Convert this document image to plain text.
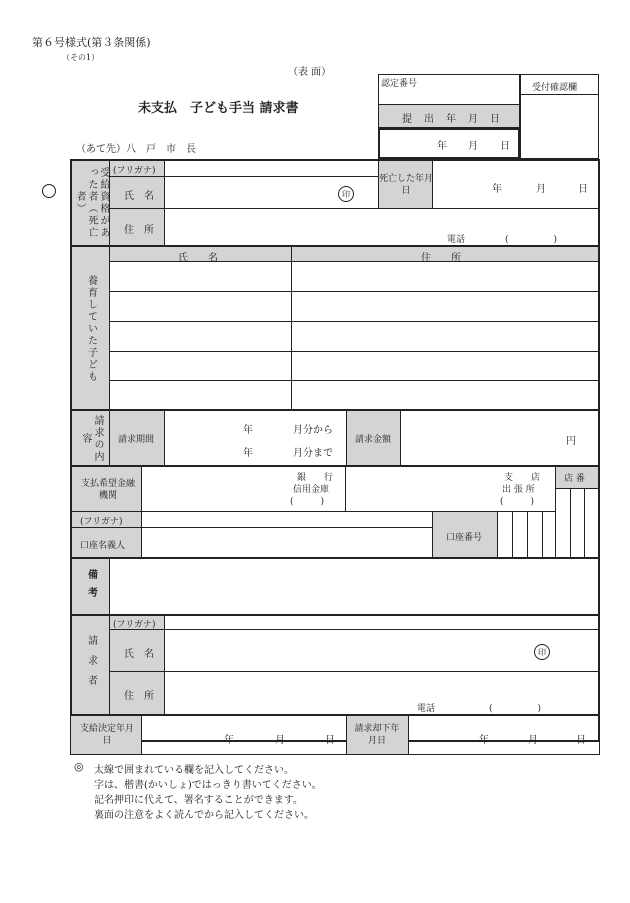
第６号様式(第３条関係)
（その1）
（表 面）
未支払　子ども手当 請求書
（あて先）八　戸　市　長
認定番号
提　出　年　月　日
年 月 日
受付確認欄
受給資格があった者（死亡者）
(フリガナ)
氏　名	印
死亡した年月日	年	月	日
住　所
電話	(　　　　　)
養育していた子ども
氏　　名	住　　所
請求の内容	請求期間
年	月分から
年	月分まで
請求金額	円
支払希望金融機関
銀　　行
信用金庫
(　　　)
支　　店
出 張 所
(　　　)
店 番
(フリガナ)
口座名義人
口座番号
備考
請求者
(フリガナ)
氏　名	印
住　所
電話	(　　　　　)
支給決定年月日	年	月	日
請求却下年月日	年	月	日
◎ 太線で囲まれている欄を記入してください。
字は、楷書(かいしょ)ではっきり書いてください。
記名押印に代えて、署名することができます。
裏面の注意をよく読んでから記入してください。
